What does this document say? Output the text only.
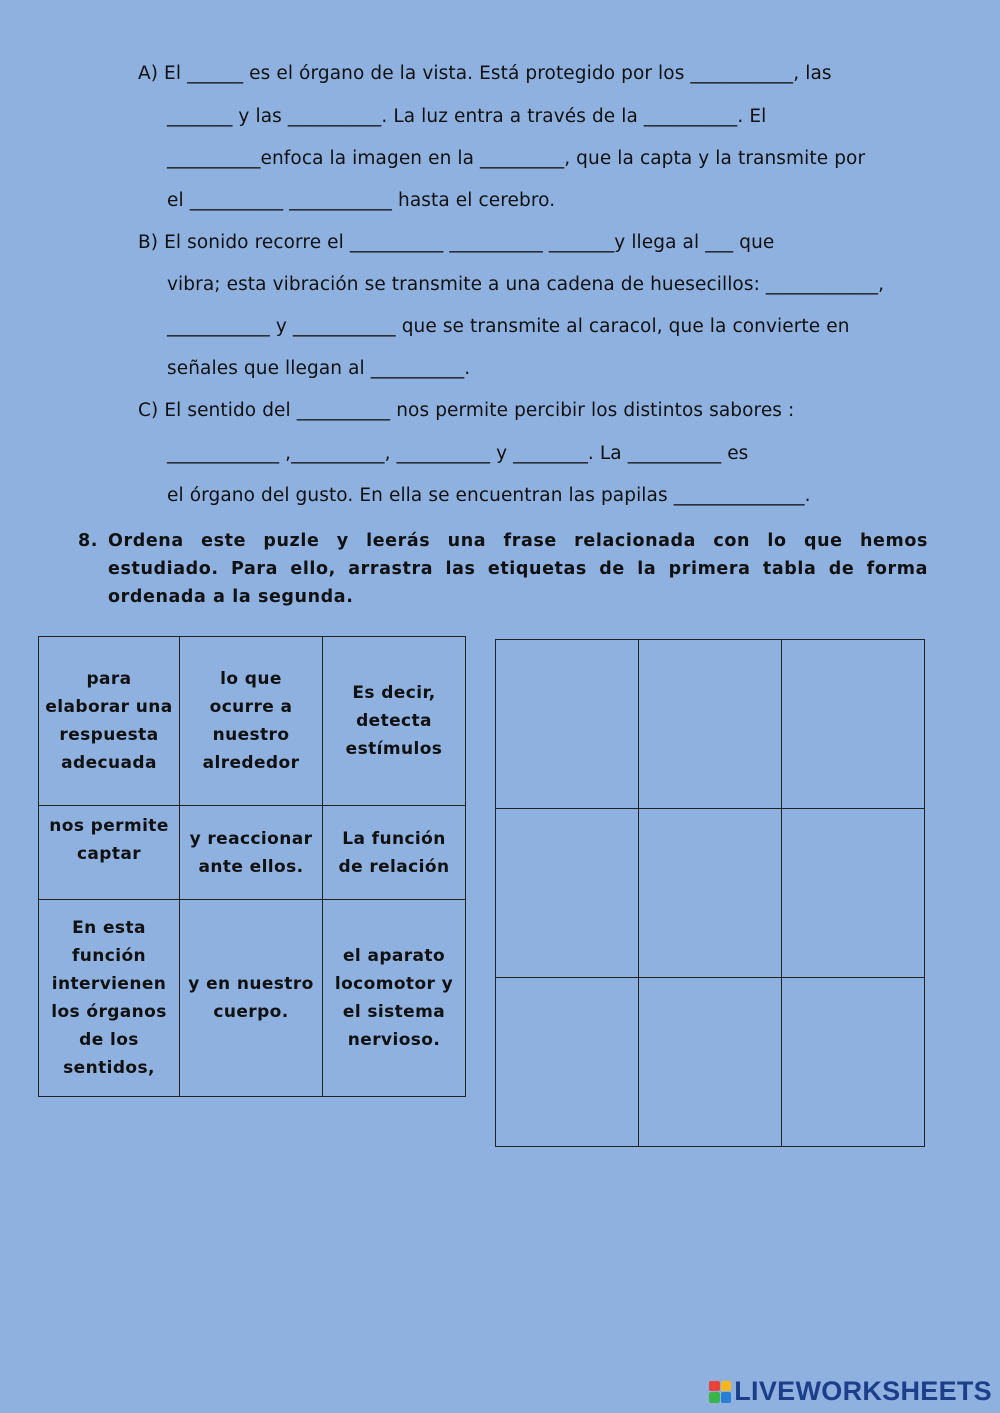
A) El ______ es el órgano de la vista. Está protegido por los ___________, las
_______ y las __________. La luz entra a través de la __________. El
__________enfoca la imagen en la _________, que la capta y la transmite por
el __________ ___________ hasta el cerebro.
B) El sonido recorre el __________ __________ _______y llega al ___ que
vibra; esta vibración se transmite a una cadena de huesecillos: ____________,
___________ y ___________ que se transmite al caracol, que la convierte en
señales que llegan al __________.
C) El sentido del __________ nos permite percibir los distintos sabores :
____________ ,__________, __________ y ________. La __________ es
el órgano del gusto. En ella se encuentran las papilas ______________.
8. Ordena este puzle y leerás una frase relacionada con lo que hemos estudiado. Para ello, arrastra las etiquetas de la primera tabla de forma ordenada a la segunda.
para elaborar una respuesta adecuada	lo que ocurre a nuestro alrededor	Es decir, detecta estímulos
nos permite captar	y reaccionar ante ellos.	La función de relación
En esta función intervienen los órganos de los sentidos,	y en nuestro cuerpo.	el aparato locomotor y el sistema nervioso.

LIVEWORKSHEETS
